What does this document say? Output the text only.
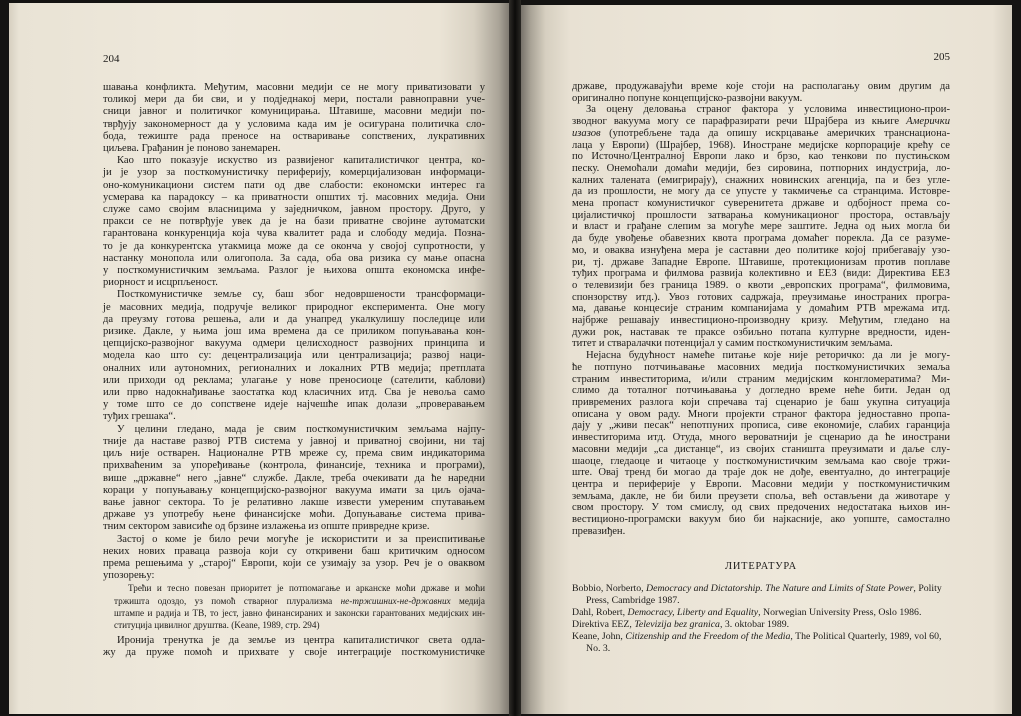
204
шавања конфликта. Међутим, масовни медији се не могу приватизовати у
толикој мери да би сви, и у подједнакој мери, постали равноправни уче-
сници јавног и политичког комуницирања. Штавише, масовни медији по-
тврђују закономерност да у условима када им је осигурана политичка сло-
бода, тежиште рада преносе на остваривање сопствених, лукративних
циљева. Грађанин је поново занемарен.
Као што показује искуство из развијеног капиталистичког центра, ко-
ји је узор за посткомунистичку периферију, комерцијализован информаци-
оно-комуникациони систем пати од две слабости: економски интерес га
усмерава ка парадоксу – ка приватности општих тј. масовних медија. Они
служе само својим власницима у заједничком, јавном простору. Друго, у
пракси се не потврђује увек да је на бази приватне својине аутоматски
гарантована конкуренција која чува квалитет рада и слободу медија. Позна-
то је да конкурентска утакмица може да се оконча у својој супротности, у
настанку монопола или олигопола. За сада, оба ова ризика су мање опасна
у посткомунистичким земљама. Разлог је њихова општа економска инфе-
риорност и исцрпљеност.
Посткомунистичке земље су, баш због недовршености трансформаци-
је масовних медија, подручје великог природног експеримента. Оне могу
да преузму готова решења, али и да унапред укалкулишу последице или
ризике. Дакле, у њима још има времена да се приликом попуњавања кон-
цепцијско-развојног вакуума одмери целисходност развојних принципа и
модела као што су: децентрализација или централизација; развој наци-
оналних или аутономних, регионалних и локалних РТВ медија; претплата
или приходи од реклама; улагање у нове преносиоце (сателити, каблови)
или прво надокнађивање заостатка код класичних итд. Сва је невоља само
у томе што се до сопствене идеје најчешће ипак долази „проверавањем
туђих грешака“.
У целини гледано, мада је свим посткомунистичким земљама најпу-
тније да наставе развој РТВ система у јавној и приватној својини, ни тај
циљ није остварен. Националне РТВ мреже су, према свим индикаторима
прихваћеним за упоређивање (контрола, финансије, техника и програми),
више „државне“ него „јавне“ службе. Дакле, треба очекивати да ће наредни
кораци у попуњавању концепцијско-развојног вакуума имати за циљ ојача-
вање јавног сектора. То је релативно лакше извести умереним спутавањем
државе уз употребу њене финансијске моћи. Допуњавање система прива-
тним сектором зависиће од брзине излажења из опште привредне кризе.
Застој о коме је било речи могуће је искористити и за преиспитивање
неких нових праваца развоја који су откривени баш критичким односом
према решењима у „старој“ Европи, који се узимају за узор. Реч је о оваквом
упозорењу:
Трећи и тесно повезан приоритет је потпомагање и арканске моћи државе и моћи
тржишта одоздо, уз помоћ стварног плурализма не-тржишних-не-државних медија
штампе и радија и ТВ, то јест, јавно финансираних и законски гарантованих медијских ин-
ституција цивилног друштва. (Keane, 1989, стр. 294)
Иронија тренутка је да земље из центра капиталистичког света одла-
жу да пруже помоћ и прихвате у своје интеграције посткомунистичке
205
државе, продужавајући време које стоји на располагању овим другим да
оригинално попуне концепцијско-развојни вакуум.
За оцену деловања страног фактора у условима инвестиционо-прои-
зводног вакуума могу се парафразирати речи Шрајбера из књиге Амерички
изазов (употребљене тада да опишу искрцавање америчких транснациона-
лаца у Европи) (Шрајбер, 1968). Иностране медијске корпорације крећу се
по Источно/Централној Европи лако и брзо, као тенкови по пустињском
песку. Онемоћали домаћи медији, без сировина, потпорних индустрија, ло-
калних талената (емигрирају), снажних новинских агенција, па и без угле-
да из прошлости, не могу да се упусте у такмичење са странцима. Истовре-
мена пропаст комунистичког суверенитета државе и одбојност према со-
цијалистичкој прошлости затварања комуникационог простора, остављају
и власт и грађане слепим за могуће мере заштите. Једна од њих могла би
да буде увођење обавезних квота програма домаћег порекла. Да се разуме-
мо, и оваква изнуђена мера је саставни део политике којој прибегавају узо-
ри, тј. државе Западне Европе. Штавише, протекционизам против поплаве
туђих програма и филмова развија колективно и ЕЕЗ (види: Директива ЕЕЗ
о телевизији без граница 1989. о квоти „европских програма“, филмовима,
спонзорству итд.). Увоз готових садржаја, преузимање иностраних програ-
ма, давање концесије страним компанијама у домаћим РТВ мрежама итд.
најбрже решавају инвестиционо-производну кризу. Међутим, гледано на
дужи рок, наставак те праксе озбиљно потапа културне вредности, иден-
титет и стваралачки потенцијал у самим посткомунистичким земљама.
Нејасна будућност намеће питање које није реторичко: да ли је могу-
ће потпуно потчињавање масовних медија посткомунистичких земаља
страним инвеститорима, и/или страним медијским конгломератима? Ми-
слимо да тоталног потчињавања у догледно време неће бити. Један од
привремених разлога који спречава тај сценарио је баш укупна ситуација
описана у овом раду. Многи пројекти страног фактора једноставно пропа-
дају у „живи песак“ непотпуних прописа, сиве економије, слабих гаранција
инвеститорима итд. Отуда, много вероватнији је сценарио да ће инострани
масовни медији „са дистанце“, из својих станишта преузимати и даље слу-
шаоце, гледаоце и читаоце у посткомунистичким земљама као своје тржи-
ште. Овај тренд би могао да траје док не дође, евентуално, до интеграције
центра и периферије у Европи. Масовни медији у посткомунистичким
земљама, дакле, не би били преузети споља, већ остављени да животаре у
свом простору. У том смислу, од свих предочених недостатака њихов ин-
вестиционо-програмски вакуум био би најкасније, ако уопште, самостално
превазиђен.
ЛИТЕРАТУРА

Bobbio, Norberto, Democracy and Dictatorship. The Nature and Limits of State Power, Polity Press, Cambridge 1987.

Dahl, Robert, Democracy, Liberty and Equality, Norwegian University Press, Oslo 1986.

Direktiva EEZ, Televizija bez granica, 3. oktobar 1989.

Keane, John, Citizenship and the Freedom of the Media, The Political Quarterly, 1989, vol 60, No. 3.
